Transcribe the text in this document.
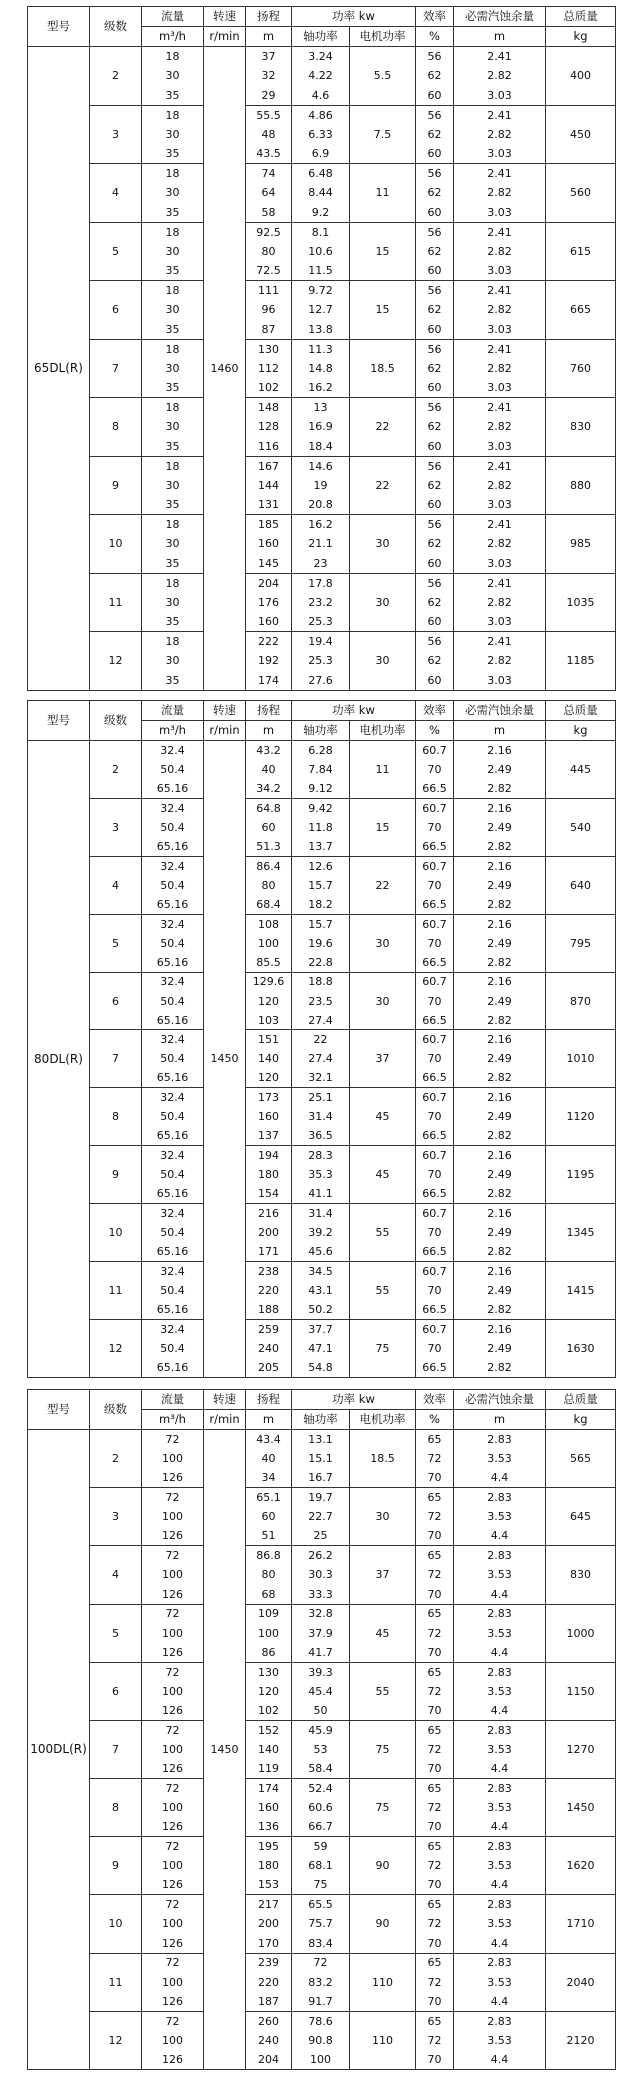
型号	级数	流量	转速	扬程	功率 kw		效率	必需汽蚀余量	总质量
		m³/h	r/min	m	轴功率	电机功率	%	m	kg
65DL(R)	2	18	1460	37	3.24	5.5	56	2.41	400
		30		32	4.22		62	2.82	
		35		29	4.6		60	3.03	
	3	18		55.5	4.86	7.5	56	2.41	450
		30		48	6.33		62	2.82	
		35		43.5	6.9		60	3.03	
	4	18		74	6.48	11	56	2.41	560
		30		64	8.44		62	2.82	
		35		58	9.2		60	3.03	
	5	18		92.5	8.1	15	56	2.41	615
		30		80	10.6		62	2.82	
		35		72.5	11.5		60	3.03	
	6	18		111	9.72	15	56	2.41	665
		30		96	12.7		62	2.82	
		35		87	13.8		60	3.03	
	7	18		130	11.3	18.5	56	2.41	760
		30		112	14.8		62	2.82	
		35		102	16.2		60	3.03	
	8	18		148	13	22	56	2.41	830
		30		128	16.9		62	2.82	
		35		116	18.4		60	3.03	
	9	18		167	14.6	22	56	2.41	880
		30		144	19		62	2.82	
		35		131	20.8		60	3.03	
	10	18		185	16.2	30	56	2.41	985
		30		160	21.1		62	2.82	
		35		145	23		60	3.03	
	11	18		204	17.8	30	56	2.41	1035
		30		176	23.2		62	2.82	
		35		160	25.3		60	3.03	
	12	18		222	19.4	30	56	2.41	1185
		30		192	25.3		62	2.82	
		35		174	27.6		60	3.03	
型号	级数	流量	转速	扬程	功率 kw		效率	必需汽蚀余量	总质量
		m³/h	r/min	m	轴功率	电机功率	%	m	kg
80DL(R)	2	32.4	1450	43.2	6.28	11	60.7	2.16	445
		50.4		40	7.84		70	2.49	
		65.16		34.2	9.12		66.5	2.82	
	3	32.4		64.8	9.42	15	60.7	2.16	540
		50.4		60	11.8		70	2.49	
		65.16		51.3	13.7		66.5	2.82	
	4	32.4		86.4	12.6	22	60.7	2.16	640
		50.4		80	15.7		70	2.49	
		65.16		68.4	18.2		66.5	2.82	
	5	32.4		108	15.7	30	60.7	2.16	795
		50.4		100	19.6		70	2.49	
		65.16		85.5	22.8		66.5	2.82	
	6	32.4		129.6	18.8	30	60.7	2.16	870
		50.4		120	23.5		70	2.49	
		65.16		103	27.4		66.5	2.82	
	7	32.4		151	22	37	60.7	2.16	1010
		50.4		140	27.4		70	2.49	
		65.16		120	32.1		66.5	2.82	
	8	32.4		173	25.1	45	60.7	2.16	1120
		50.4		160	31.4		70	2.49	
		65.16		137	36.5		66.5	2.82	
	9	32.4		194	28.3	45	60.7	2.16	1195
		50.4		180	35.3		70	2.49	
		65.16		154	41.1		66.5	2.82	
	10	32.4		216	31.4	55	60.7	2.16	1345
		50.4		200	39.2		70	2.49	
		65.16		171	45.6		66.5	2.82	
	11	32.4		238	34.5	55	60.7	2.16	1415
		50.4		220	43.1		70	2.49	
		65.16		188	50.2		66.5	2.82	
	12	32.4		259	37.7	75	60.7	2.16	1630
		50.4		240	47.1		70	2.49	
		65.16		205	54.8		66.5	2.82	
型号	级数	流量	转速	扬程	功率 kw		效率	必需汽蚀余量	总质量
		m³/h	r/min	m	轴功率	电机功率	%	m	kg
100DL(R)	2	72	1450	43.4	13.1	18.5	65	2.83	565
		100		40	15.1		72	3.53	
		126		34	16.7		70	4.4	
	3	72		65.1	19.7	30	65	2.83	645
		100		60	22.7		72	3.53	
		126		51	25		70	4.4	
	4	72		86.8	26.2	37	65	2.83	830
		100		80	30.3		72	3.53	
		126		68	33.3		70	4.4	
	5	72		109	32.8	45	65	2.83	1000
		100		100	37.9		72	3.53	
		126		86	41.7		70	4.4	
	6	72		130	39.3	55	65	2.83	1150
		100		120	45.4		72	3.53	
		126		102	50		70	4.4	
	7	72		152	45.9	75	65	2.83	1270
		100		140	53		72	3.53	
		126		119	58.4		70	4.4	
	8	72		174	52.4	75	65	2.83	1450
		100		160	60.6		72	3.53	
		126		136	66.7		70	4.4	
	9	72		195	59	90	65	2.83	1620
		100		180	68.1		72	3.53	
		126		153	75		70	4.4	
	10	72		217	65.5	90	65	2.83	1710
		100		200	75.7		72	3.53	
		126		170	83.4		70	4.4	
	11	72		239	72	110	65	2.83	2040
		100		220	83.2		72	3.53	
		126		187	91.7		70	4.4	
	12	72		260	78.6	110	65	2.83	2120
		100		240	90.8		72	3.53	
		126		204	100		70	4.4	
